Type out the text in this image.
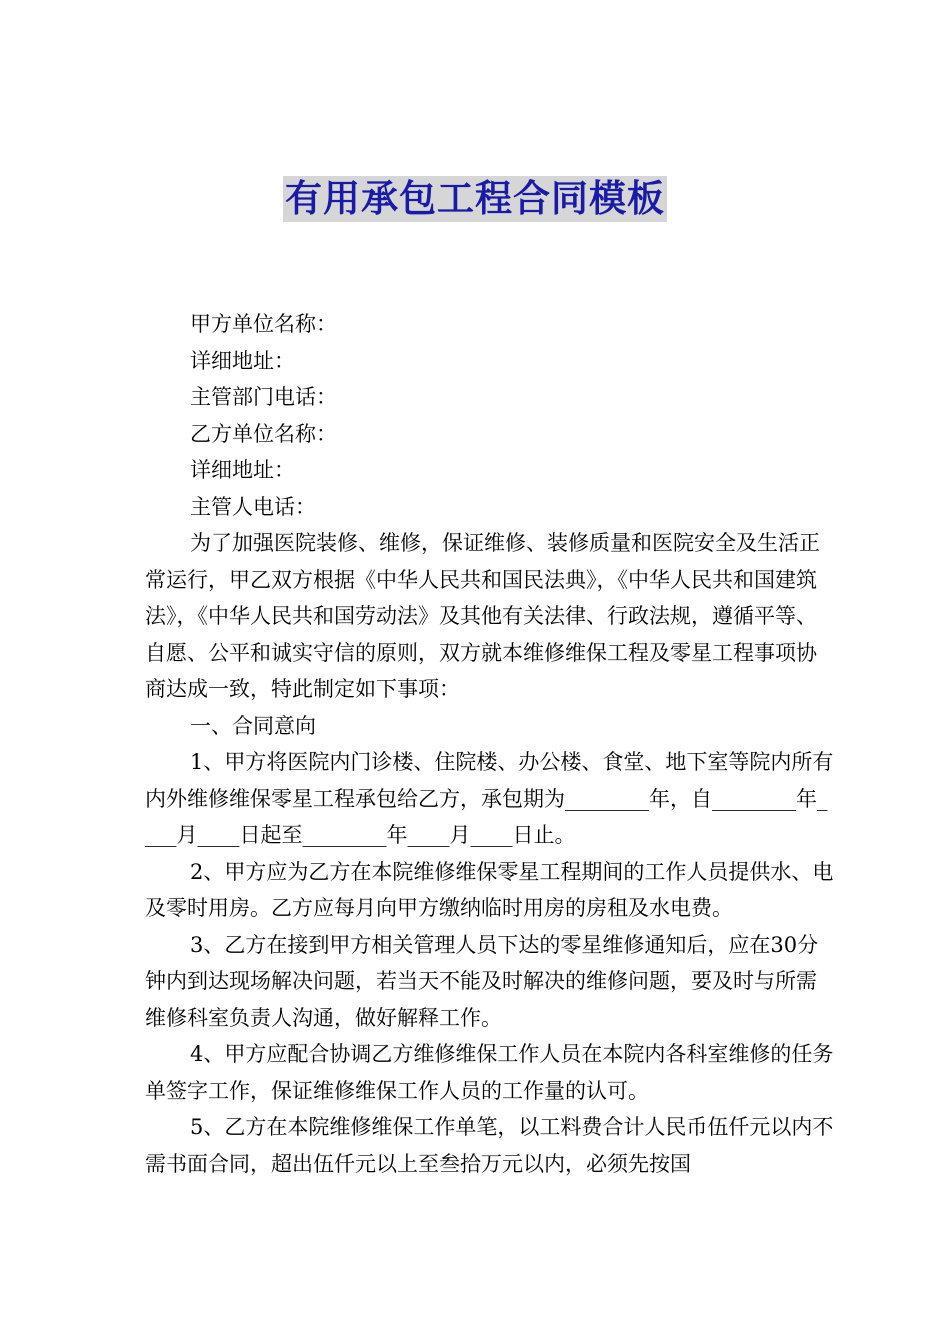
有用承包工程合同模板

甲方单位名称：

详细地址：

主管部门电话：

乙方单位名称：

详细地址：

主管人电话：

为了加强医院装修、维修，保证维修、装修质量和医院安全及生活正常运行，甲乙双方根据《中华人民共和国民法典》，《中华人民共和国建筑法》，《中华人民共和国劳动法》及其他有关法律、行政法规，遵循平等、自愿、公平和诚实守信的原则，双方就本维修维保工程及零星工程事项协商达成一致，特此制定如下事项：

一、合同意向

1、甲方将医院内门诊楼、住院楼、办公楼、食堂、地下室等院内所有内外维修维保零星工程承包给乙方，承包期为________年，自________年____月____日起至________年____月____日止。

2、甲方应为乙方在本院维修维保零星工程期间的工作人员提供水、电及零时用房。乙方应每月向甲方缴纳临时用房的房租及水电费。

3、乙方在接到甲方相关管理人员下达的零星维修通知后，应在30分钟内到达现场解决问题，若当天不能及时解决的维修问题，要及时与所需维修科室负责人沟通，做好解释工作。

4、甲方应配合协调乙方维修维保工作人员在本院内各科室维修的任务单签字工作，保证维修维保工作人员的工作量的认可。

5、乙方在本院维修维保工作单笔，以工料费合计人民币伍仟元以内不需书面合同，超出伍仟元以上至叁拾万元以内，必须先按国
